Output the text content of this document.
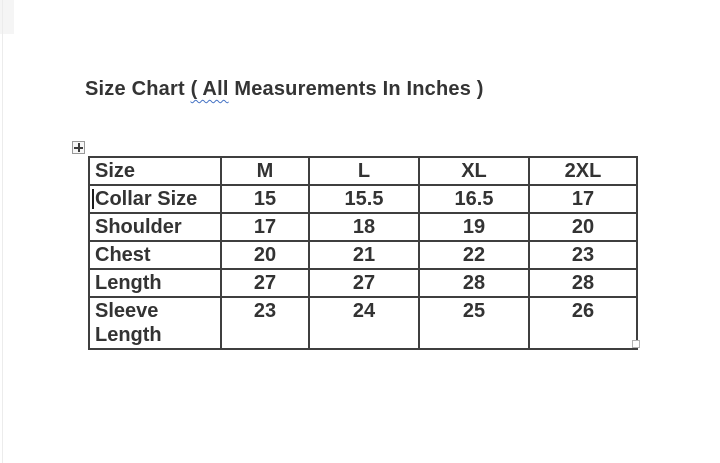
Size Chart ( All Measurements In Inches )
Size	M	L	XL	2XL

Collar Size	15	15.5	16.5	17
Shoulder	17	18	19	20
Chest	20	21	22	23
Length	27	27	28	28
Sleeve Length	23	24	25	26
